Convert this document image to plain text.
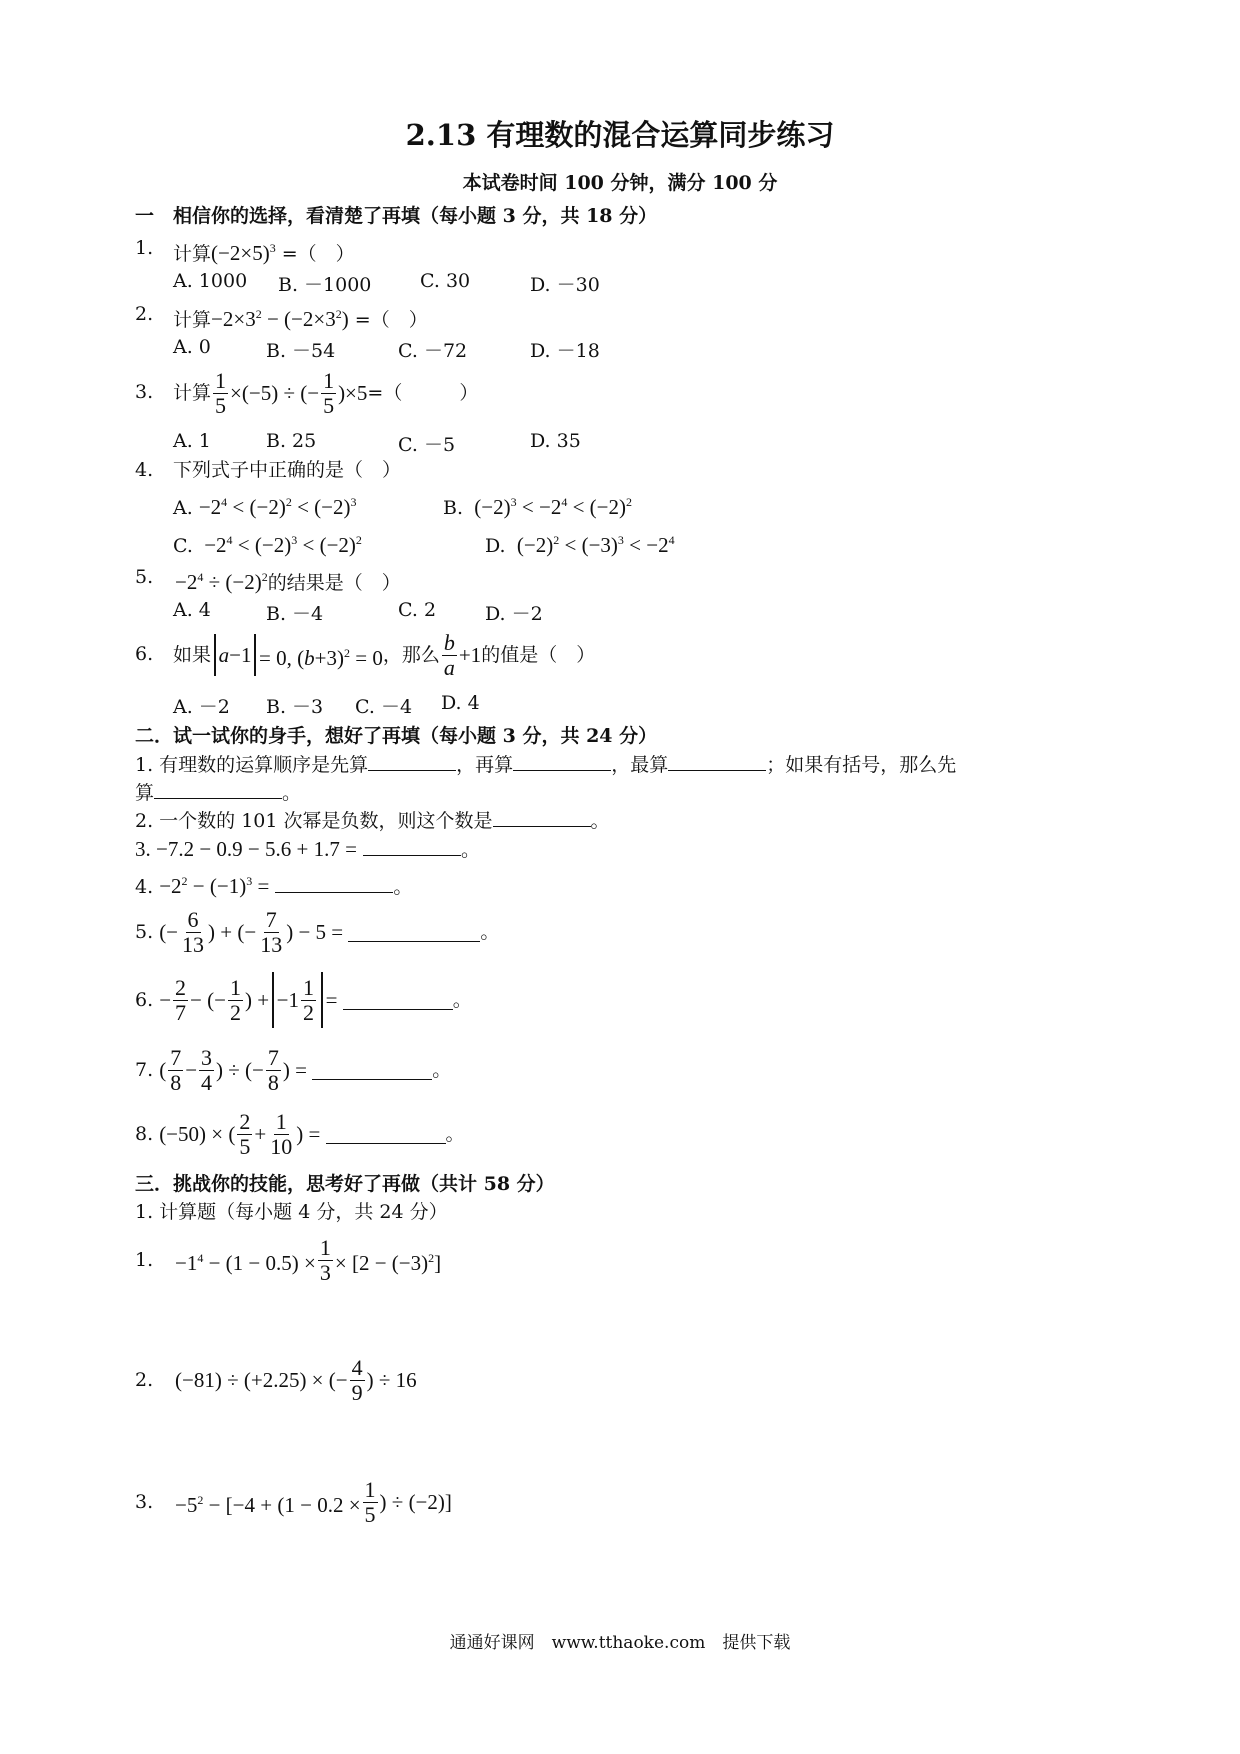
2.13 有理数的混合运算同步练习
本试卷时间 100 分钟，满分 100 分
一　相信你的选择，看清楚了再填（每小题 3 分，共 18 分）
1. 计算$(-2\times 5)^3$ =（　）
A. 1000 B. －1000	C. 30	D. －30
2. 计算$-2\times 3^2 - (-2\times 3^2)$ =（　）
A. 0	B. －54	C. －72	D. －18
3. 计算 $\frac{1}{5} \times(-5)$ ÷ (− $\frac{1}{5} )\times 5$ =（　　　）
A. 1	B. 25	C. －5	D. 35
4. 下列式子中正确的是（　）
A. $-2^4 < (-2)^2 < (-2)^3$	B.  $(-2)^3 < -2^4 < (-2)^2$
C.  $-2^4 < (-2)^3 < (-2)^2$	D.  $(-2)^2 < (-3)^3 < -2^4$
5. $-2^4 \div (-2)^2$的结果是（　）
A. 4	B. －4	C. 2	D. －2
6. 如果 a −1 = 0, $(b+3)^2 = 0$ ，那么 $\frac{b}{a} +1$ 的值是（　）
A. －2 B. －3 C. －4 D. 4
二．试一试你的身手，想好了再填（每小题 3 分，共 24 分）
1. 有理数的运算顺序是先算	，再算	，最算	；如果有括号，那么先
算	。
2. 一个数的 101 次幂是负数，则这个数是	。
3. −7.2 − 0.9 − 5.6 + 1.7 =	。
4. $-2^2 - (-1)^3$ =	。
5.
(− $\frac{6}{13}$ ) + (− $\frac{7}{13}$ ) − 5 =	。
6.
− $\frac{2}{7}$ − (− $\frac{1}{2}$ ) + $-1 \frac{1}{2}$ =	。
7.
( $\frac{7}{8} - \frac{3}{4}$ ) ÷ (− $\frac{7}{8}$ ) =	。
8.
(−50) × ( $\frac{2}{5} + \frac{1}{10}$ ) =	。
三．挑战你的技能，思考好了再做（共计 58 分）
1. 计算题（每小题 4 分，共 24 分）
1.	$-1^4 - (1 - 0.5) \times \frac{1}{3} \times [2 - (-3)^2]$
2.	(−81) ÷ (+2.25) × (− $\frac{4}{9}$ ) ÷ 16
3.	$-5^2 - [-4 + (1 - 0.2 \times \frac{1}{5}$ ) ÷ (−2)]
通通好课网　www.tthaoke.com　提供下载
